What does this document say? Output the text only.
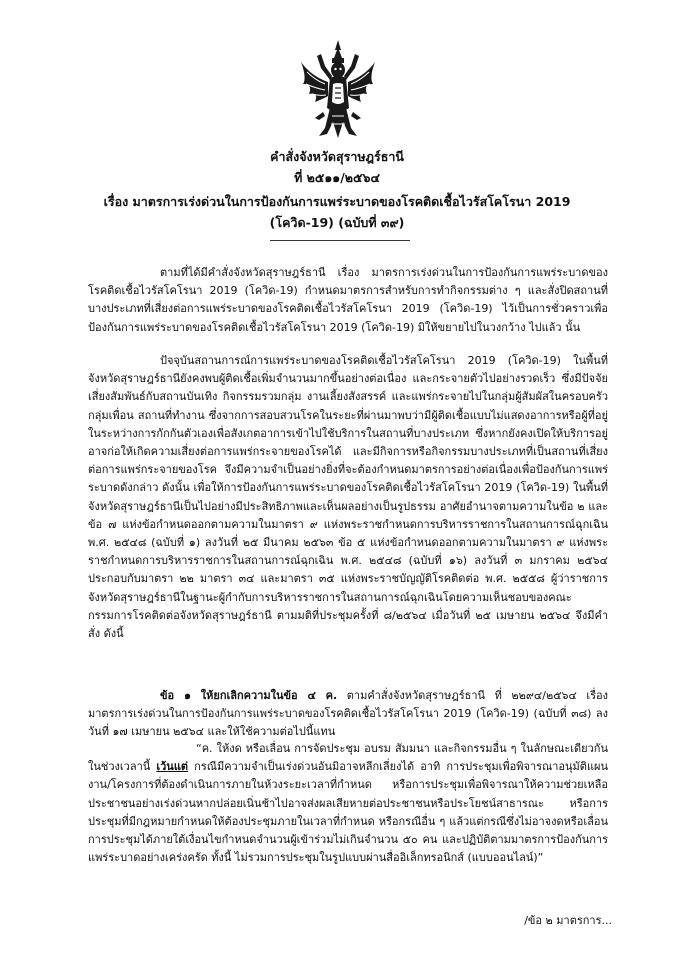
คำสั่งจังหวัดสุราษฎร์ธานี
ที่ ๒๕๑๑/๒๕๖๔
เรื่อง มาตรการเร่งด่วนในการป้องกันการแพร่ระบาดของโรคติดเชื้อไวรัสโคโรนา 2019
(โควิด-19) (ฉบับที่ ๓๙)
ตามที่ได้มีคำสั่งจังหวัดสุราษฎร์ธานี เรื่อง มาตรการเร่งด่วนในการป้องกันการแพร่ระบาดของโรคติดเชื้อไวรัสโคโรนา 2019 (โควิด-19) กำหนดมาตรการสำหรับการทำกิจกรรมต่าง ๆ และสั่งปิดสถานที่บางประเภทที่เสี่ยงต่อการแพร่ระบาดของโรคติดเชื้อไวรัสโคโรนา 2019 (โควิด-19) ไว้เป็นการชั่วคราวเพื่อป้องกันการแพร่ระบาดของโรคติดเชื้อไวรัสโคโรนา 2019 (โควิด-19) มิให้ขยายไปในวงกว้าง ไปแล้ว นั้น
ปัจจุบันสถานการณ์การแพร่ระบาดของโรคติดเชื้อไวรัสโคโรนา 2019 (โควิด-19) ในพื้นที่จังหวัดสุราษฎร์ธานียังคงพบผู้ติดเชื้อเพิ่มจำนวนมากขึ้นอย่างต่อเนื่อง และกระจายตัวไปอย่างรวดเร็ว ซึ่งมีปัจจัยเสี่ยงสัมพันธ์กับสถานบันเทิง กิจกรรมรวมกลุ่ม งานเลี้ยงสังสรรค์ และแพร่กระจายไปในกลุ่มผู้สัมผัสในครอบครัว กลุ่มเพื่อน สถานที่ทำงาน ซึ่งจากการสอบสวนโรคในระยะที่ผ่านมาพบว่ามีผู้ติดเชื้อแบบไม่แสดงอาการหรือผู้ที่อยู่ในระหว่างการกักกันตัวเองเพื่อสังเกตอาการเข้าไปใช้บริการในสถานที่บางประเภท ซึ่งหากยังคงเปิดให้บริการอยู่อาจก่อให้เกิดความเสี่ยงต่อการแพร่กระจายของโรคได้ และมีกิจการหรือกิจกรรมบางประเภทที่เป็นสถานที่เสี่ยงต่อการแพร่กระจายของโรค จึงมีความจำเป็นอย่างยิ่งที่จะต้องกำหนดมาตรการอย่างต่อเนื่องเพื่อป้องกันการแพร่ระบาดดังกล่าว ดังนั้น เพื่อให้การป้องกันการแพร่ระบาดของโรคติดเชื้อไวรัสโคโรนา 2019 (โควิด-19) ในพื้นที่จังหวัดสุราษฎร์ธานีเป็นไปอย่างมีประสิทธิภาพและเห็นผลอย่างเป็นรูปธรรม อาศัยอำนาจตามความในข้อ ๒ และข้อ ๗ แห่งข้อกำหนดออกตามความในมาตรา ๙ แห่งพระราชกำหนดการบริหารราชการในสถานการณ์ฉุกเฉิน พ.ศ. ๒๕๔๘ (ฉบับที่ ๑) ลงวันที่ ๒๕ มีนาคม ๒๕๖๓ ข้อ ๕ แห่งข้อกำหนดออกตามความในมาตรา ๙ แห่งพระราชกำหนดการบริหารราชการในสถานการณ์ฉุกเฉิน พ.ศ. ๒๕๔๘ (ฉบับที่ ๑๖) ลงวันที่ ๓ มกราคม ๒๕๖๔ ประกอบกับมาตรา ๒๒ มาตรา ๓๔ และมาตรา ๓๕ แห่งพระราชบัญญัติโรคติดต่อ พ.ศ. ๒๕๕๘ ผู้ว่าราชการจังหวัดสุราษฎร์ธานีในฐานะผู้กำกับการบริหารราชการในสถานการณ์ฉุกเฉินโดยความเห็นชอบของคณะกรรมการโรคติดต่อจังหวัดสุราษฎร์ธานี ตามมติที่ประชุมครั้งที่ ๘/๒๕๖๔ เมื่อวันที่ ๒๕ เมษายน ๒๕๖๔ จึงมีคำสั่ง ดังนี้
ข้อ ๑ ให้ยกเลิกความในข้อ ๔ ค. ตามคำสั่งจังหวัดสุราษฎร์ธานี ที่ ๒๒๙๔/๒๕๖๔ เรื่อง มาตรการเร่งด่วนในการป้องกันการแพร่ระบาดของโรคติดเชื้อไวรัสโคโรนา 2019 (โควิด-19) (ฉบับที่ ๓๘) ลงวันที่ ๑๗ เมษายน ๒๕๖๔ และให้ใช้ความต่อไปนี้แทน
“ค. ให้งด หรือเลื่อน การจัดประชุม อบรม สัมมนา และกิจกรรมอื่น ๆ ในลักษณะเดียวกันในช่วงเวลานี้ เว้นแต่ กรณีมีความจำเป็นเร่งด่วนอันมิอาจหลีกเลี่ยงได้ อาทิ การประชุมเพื่อพิจารณาอนุมัติแผนงาน/โครงการที่ต้องดำเนินการภายในห้วงระยะเวลาที่กำหนด หรือการประชุมเพื่อพิจารณาให้ความช่วยเหลือประชาชนอย่างเร่งด่วนหากปล่อยเนิ่นช้าไปอาจส่งผลเสียหายต่อประชาชนหรือประโยชน์สาธารณะ หรือการประชุมที่มีกฎหมายกำหนดให้ต้องประชุมภายในเวลาที่กำหนด หรือกรณีอื่น ๆ แล้วแต่กรณีซึ่งไม่อาจงดหรือเลื่อนการประชุมได้ภายใต้เงื่อนไขกำหนดจำนวนผู้เข้าร่วมไม่เกินจำนวน ๕๐ คน และปฏิบัติตามมาตรการป้องกันการแพร่ระบาดอย่างเคร่งครัด ทั้งนี้ ไม่รวมการประชุมในรูปแบบผ่านสื่ออิเล็กทรอนิกส์ (แบบออนไลน์)”
/ข้อ ๒ มาตรการ...
